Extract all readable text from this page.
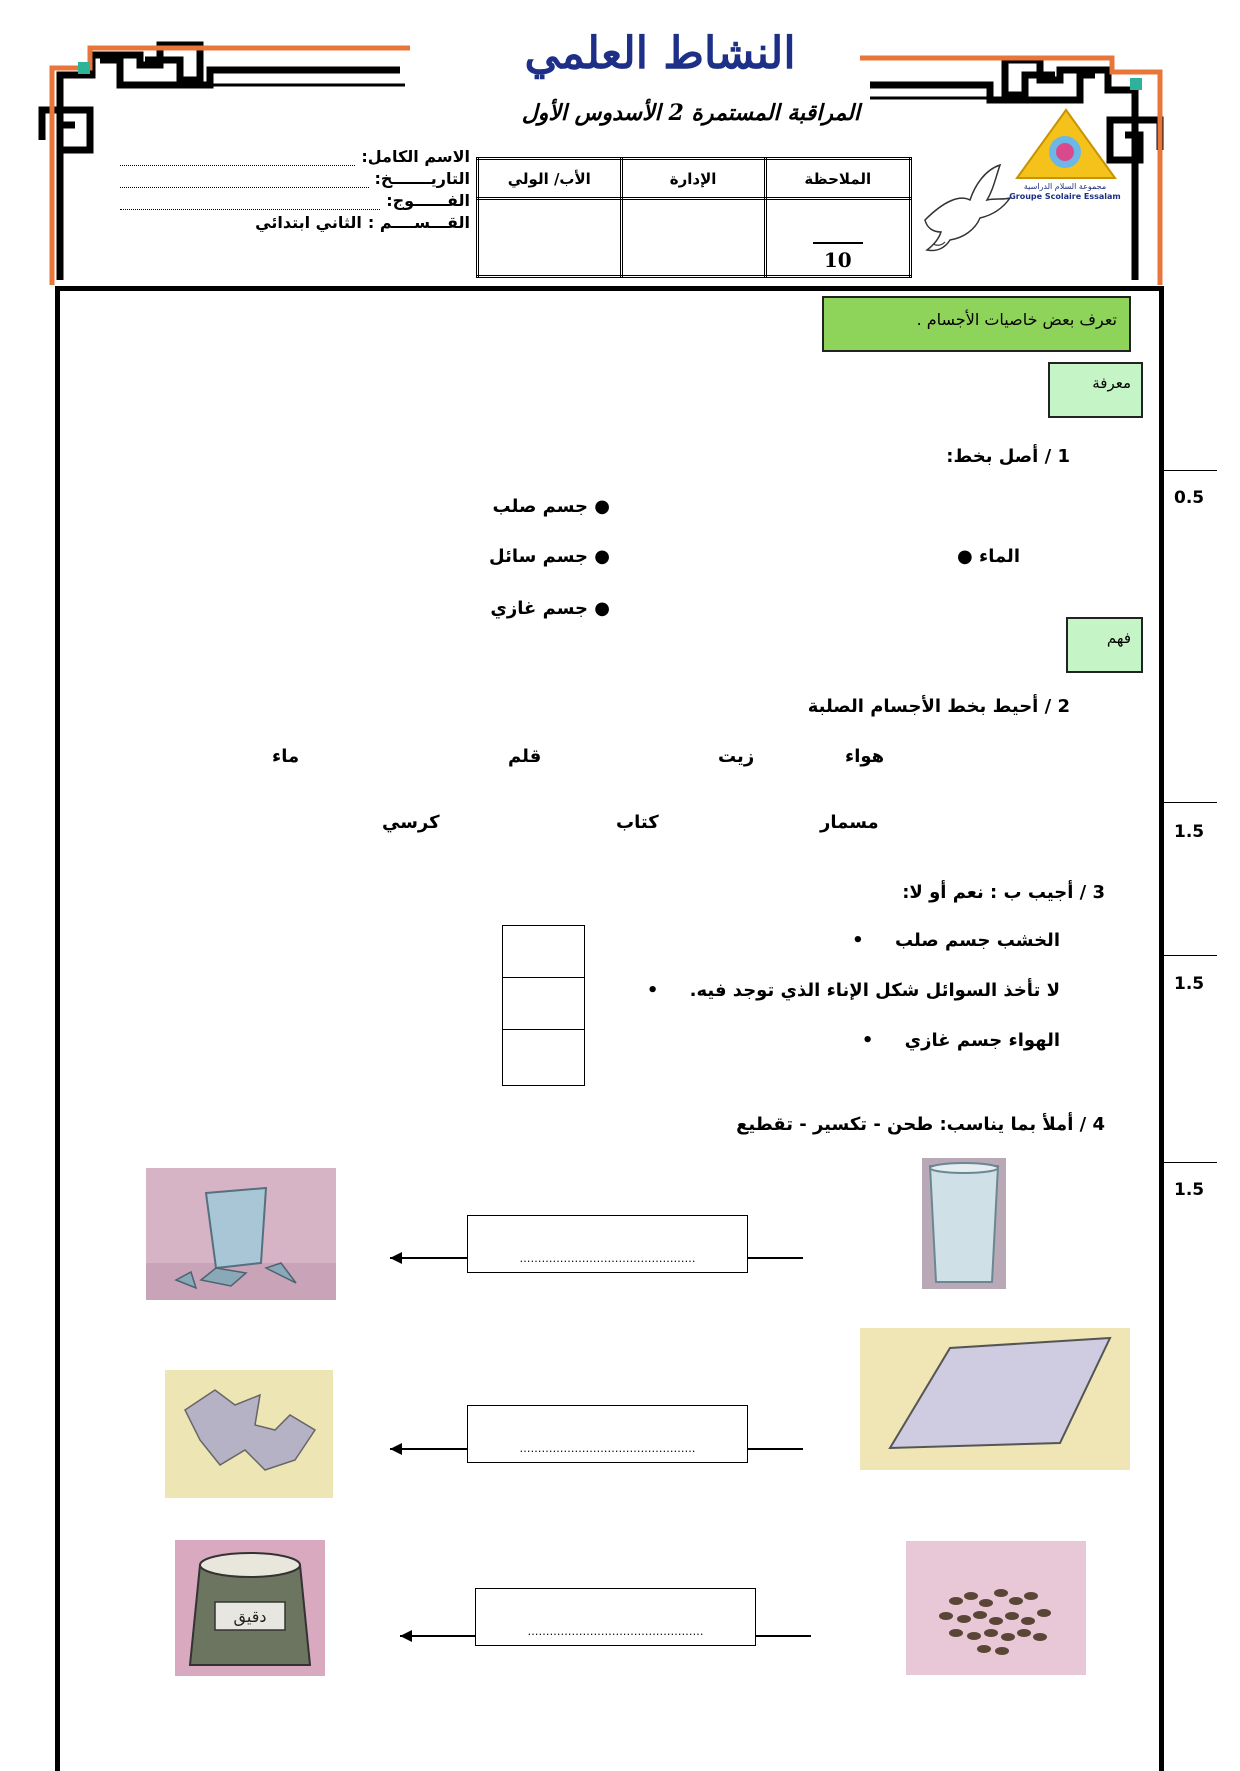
النشاط العلمي
المراقبة المستمرة 2 الأسدوس الأول
الاسم الكامل:
التاريـــــــخ:
الفــــــوج:
القـــســــم :
الثاني ابتدائي
الأب/ الولي	الإدارة	الملاحظة

		10
مجموعة السلام الدراسية
Groupe Scolaire Essalam
تعرف بعض خاصيات الأجسام .
معرفة
0.5
1.5
1.5
1.5
1 / أصل بخط:
● جسم صلب
● جسم سائل
● جسم غازي
الماء ●
فهم
2 / أحيط بخط الأجسام الصلبة
هواء
زيت
قلم
ماء
مسمار
كتاب
كرسي
3 / أجيب ب : نعم أو لا:
الخشب جسم صلب     •
لا تأخذ السوائل شكل الإناء الذي توجد فيه.     •
الهواء جسم غازي     •
4 / أملأ بما يناسب: طحن - تكسير - تقطيع
…………………………………………
…………………………………………
دقيق
…………………………………………
